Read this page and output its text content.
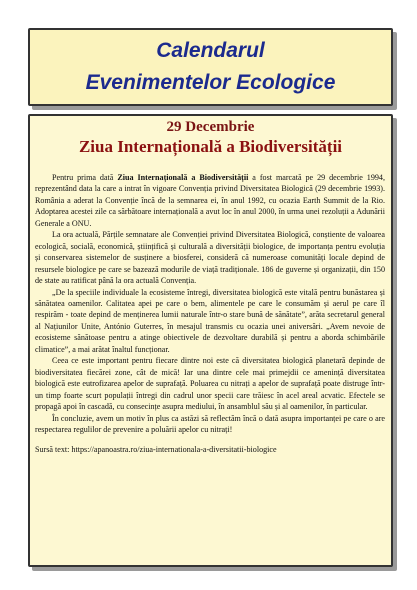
Calendarul
Evenimentelor Ecologice
29 Decembrie
Ziua Internațională a Biodiversității

Pentru prima dată Ziua Internațională a Biodiversității a fost marcată pe 29 decembrie 1994, reprezentând data la care a intrat în vigoare Convenția privind Diversitatea Biologică (29 decembrie 1993). România a aderat la Convenție încă de la semnarea ei, în anul 1992, cu ocazia Earth Summit de la Rio. Adoptarea acestei zile ca sărbătoare internațională a avut loc în anul 2000, în urma unei rezoluții a Adunării Generale a ONU.

La ora actuală, Părțile semnatare ale Convenției privind Diversitatea Biologică, conștiente de valoarea ecologică, socială, economică, științifică și culturală a diversității biologice, de importanța pentru evoluția și conservarea sistemelor de susținere a biosferei, consideră că numeroase comunități locale depind de resursele biologice pe care se bazează modurile de viață tradiționale. 186 de guverne și organizații, din 150 de state au ratificat până la ora actuală Convenția.

„De la speciile individuale la ecosisteme întregi, diversitatea biologică este vitală pentru bunăstarea și sănătatea oamenilor. Calitatea apei pe care o bem, alimentele pe care le consumăm și aerul pe care îl respirăm - toate depind de menținerea lumii naturale într-o stare bună de sănătate”, arăta secretarul general al Națiunilor Unite, António Guterres, în mesajul transmis cu ocazia unei aniversări. „Avem nevoie de ecosisteme sănătoase pentru a atinge obiectivele de dezvoltare durabilă și pentru a aborda schimbările climatice”, a mai arătat înaltul funcționar.

Ceea ce este important pentru fiecare dintre noi este că diversitatea biologică planetară depinde de biodiversitatea fiecărei zone, cât de mică! Iar una dintre cele mai primejdii ce amenință diversitatea biologică este eutrofizarea apelor de suprafață. Poluarea cu nitrați a apelor de suprafață poate distruge într-un timp foarte scurt populații întregi din cadrul unor specii care trăiesc în acel areal acvatic. Efectele se propagă apoi în cascadă, cu consecințe asupra mediului, în ansamblul său și al oamenilor, în particular.

În concluzie, avem un motiv în plus ca astăzi să reflectăm încă o dată asupra importanței pe care o are respectarea regulilor de prevenire a poluării apelor cu nitrați!

Sursă text: https://apanoastra.ro/ziua-internationala-a-diversitatii-biologice
